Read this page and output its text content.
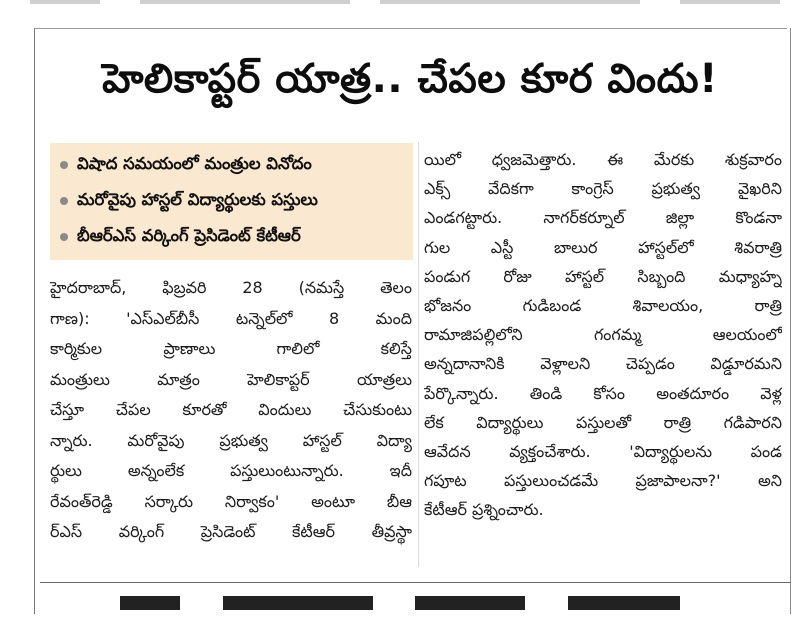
హెలికాప్టర్ యాత్ర.. చేపల కూర విందు!
విషాద సమయంలో మంత్రుల వినోదం
మరోవైపు హాస్టల్ విద్యార్థులకు పస్తులు
బీఆర్ఎస్ వర్కింగ్ ప్రెసిడెంట్ కేటీఆర్
హైదరాబాద్, ఫిబ్రవరి 28 (నమస్తే తెలం
గాణ): 'ఎస్ఎల్‌బీసీ టన్నెల్‌లో 8 మంది
కార్మికుల ప్రాణాలు గాలిలో కలిస్తే
మంత్రులు మాత్రం హెలికాప్టర్ యాత్రలు
చేస్తూ చేపల కూరతో విందులు చేసుకుంటు
న్నారు. మరోవైపు ప్రభుత్వ హాస్టల్ విద్యా
ర్థులు అన్నంలేక పస్తులుంటున్నారు. ఇదీ
రేవంత్‌రెడ్డి సర్కారు నిర్వాకం' అంటూ బీఆ
ర్ఎస్ వర్కింగ్ ప్రెసిడెంట్ కేటీఆర్ తీవ్రస్థా
యిలో ధ్వజమెత్తారు. ఈ మేరకు శుక్రవారం
ఎక్స్ వేదికగా కాంగ్రెస్ ప్రభుత్వ వైఖరిని
ఎండగట్టారు. నాగర్‌కర్నూల్ జిల్లా కొండనా
గుల ఎస్టీ బాలుర హాస్టల్‌లో శివరాత్రి
పండుగ రోజు హాస్టల్ సిబ్బంది మధ్యాహ్న
భోజనం గుడిబండ శివాలయం, రాత్రి
రామాజిపల్లిలోని గంగమ్మ ఆలయంలో
అన్నదానానికి వెళ్లాలని చెప్పడం విడ్డూరమని
పేర్కొన్నారు. తిండి కోసం అంతదూరం వెళ్ల
లేక విద్యార్థులు పస్తులతో రాత్రి గడిపారని
ఆవేదన వ్యక్తంచేశారు. 'విద్యార్థులను పండ
గపూట పస్తులుంచడమే ప్రజాపాలనా?' అని
కేటీఆర్ ప్రశ్నించారు.
